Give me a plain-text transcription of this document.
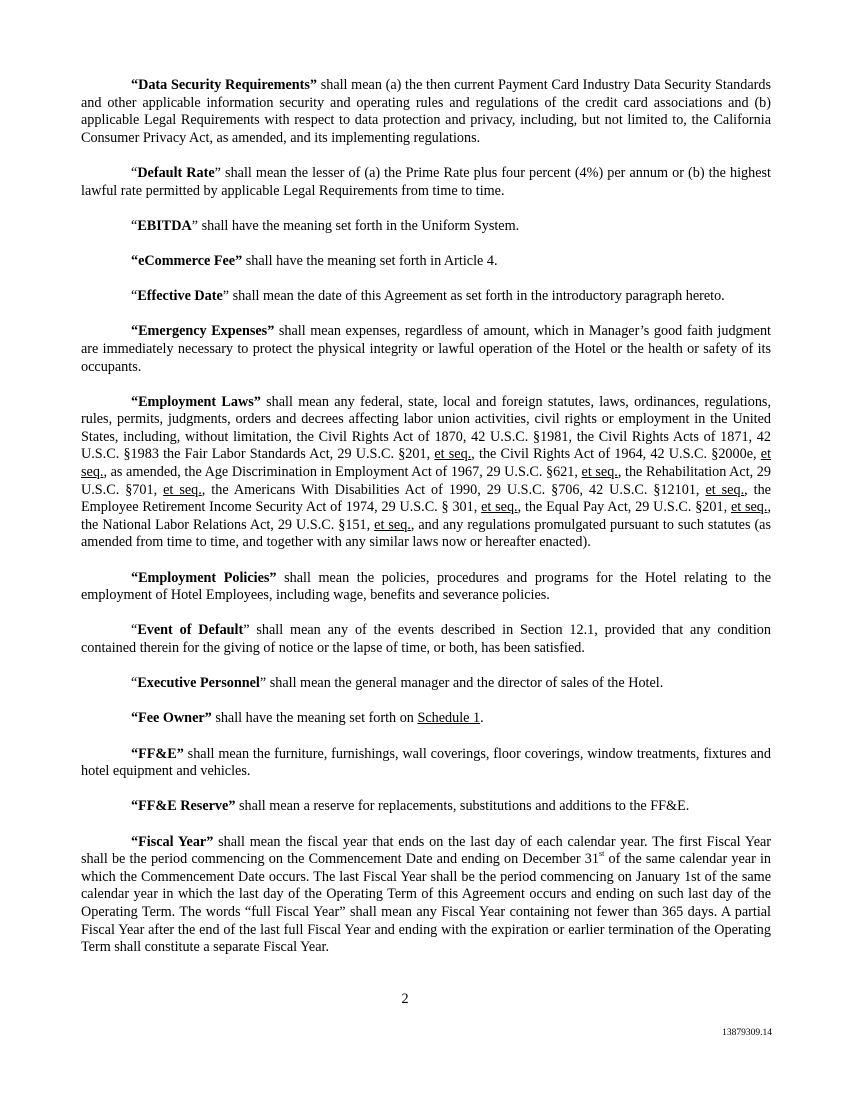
“Data Security Requirements” shall mean (a) the then current Payment Card Industry Data Security Standards and other applicable information security and operating rules and regulations of the credit card associations and (b) applicable Legal Requirements with respect to data protection and privacy, including, but not limited to, the California Consumer Privacy Act, as amended, and its implementing regulations.

“Default Rate” shall mean the lesser of (a) the Prime Rate plus four percent (4%) per annum or (b) the highest lawful rate permitted by applicable Legal Requirements from time to time.

“EBITDA” shall have the meaning set forth in the Uniform System.

“eCommerce Fee” shall have the meaning set forth in Article 4.

“Effective Date” shall mean the date of this Agreement as set forth in the introductory paragraph hereto.

“Emergency Expenses” shall mean expenses, regardless of amount, which in Manager’s good faith judgment are immediately necessary to protect the physical integrity or lawful operation of the Hotel or the health or safety of its occupants.

“Employment Laws” shall mean any federal, state, local and foreign statutes, laws, ordinances, regulations, rules, permits, judgments, orders and decrees affecting labor union activities, civil rights or employment in the United States, including, without limitation, the Civil Rights Act of 1870, 42 U.S.C. §1981, the Civil Rights Acts of 1871, 42 U.S.C. §1983 the Fair Labor Standards Act, 29 U.S.C. §201, et seq., the Civil Rights Act of 1964, 42 U.S.C. §2000e, et seq., as amended, the Age Discrimination in Employment Act of 1967, 29 U.S.C. §621, et seq., the Rehabilitation Act, 29 U.S.C. §701, et seq., the Americans With Disabilities Act of 1990, 29 U.S.C. §706, 42 U.S.C. §12101, et seq., the Employee Retirement Income Security Act of 1974, 29 U.S.C. § 301, et seq., the Equal Pay Act, 29 U.S.C. §201, et seq., the National Labor Relations Act, 29 U.S.C. §151, et seq., and any regulations promulgated pursuant to such statutes (as amended from time to time, and together with any similar laws now or hereafter enacted).

“Employment Policies” shall mean the policies, procedures and programs for the Hotel relating to the employment of Hotel Employees, including wage, benefits and severance policies.

“Event of Default” shall mean any of the events described in Section 12.1, provided that any condition contained therein for the giving of notice or the lapse of time, or both, has been satisfied.

“Executive Personnel” shall mean the general manager and the director of sales of the Hotel.

“Fee Owner” shall have the meaning set forth on Schedule 1.

“FF&E” shall mean the furniture, furnishings, wall coverings, floor coverings, window treatments, fixtures and hotel equipment and vehicles.

“FF&E Reserve” shall mean a reserve for replacements, substitutions and additions to the FF&E.

“Fiscal Year” shall mean the fiscal year that ends on the last day of each calendar year. The first Fiscal Year shall be the period commencing on the Commencement Date and ending on December 31st of the same calendar year in which the Commencement Date occurs. The last Fiscal Year shall be the period commencing on January 1st of the same calendar year in which the last day of the Operating Term of this Agreement occurs and ending on such last day of the Operating Term. The words “full Fiscal Year” shall mean any Fiscal Year containing not fewer than 365 days. A partial Fiscal Year after the end of the last full Fiscal Year and ending with the expiration or earlier termination of the Operating Term shall constitute a separate Fiscal Year.

2
13879309.14
